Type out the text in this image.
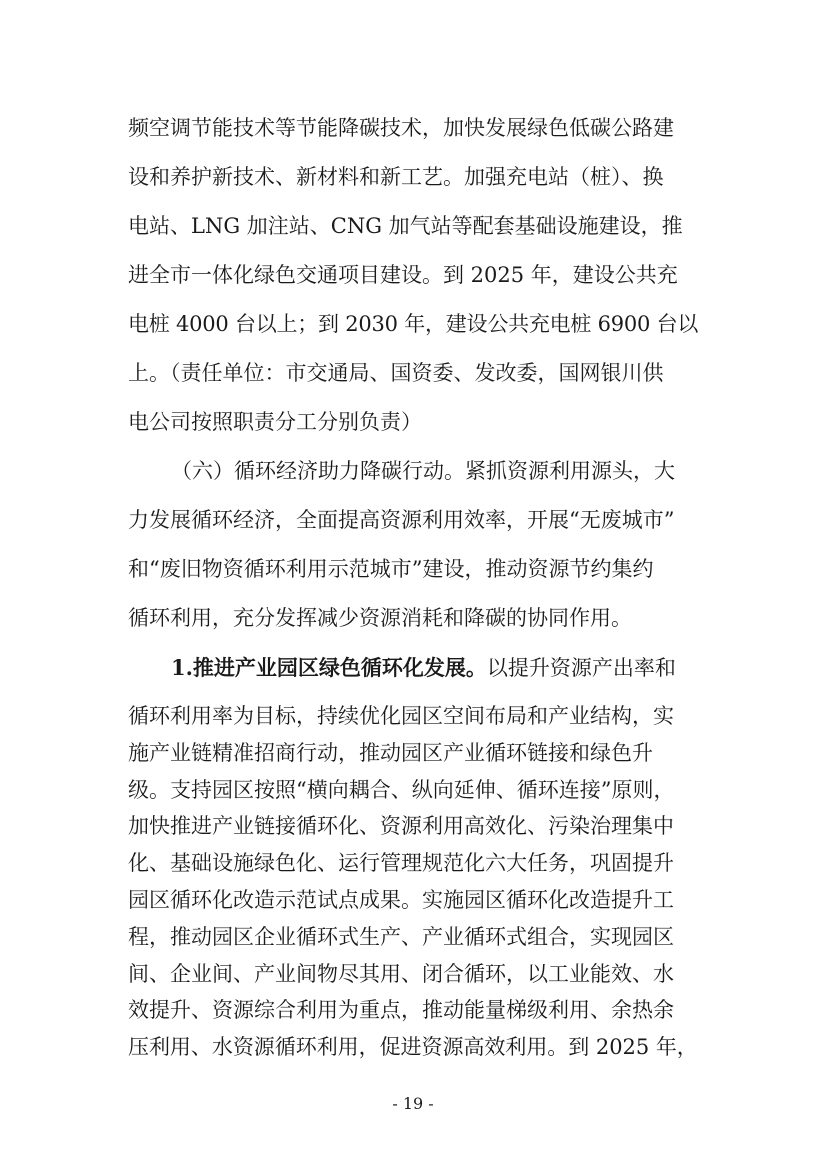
频空调节能技术等节能降碳技术，加快发展绿色低碳公路建
设和养护新技术、新材料和新工艺。加强充电站（桩）、换
电站、LNG 加注站、CNG 加气站等配套基础设施建设，推
进全市一体化绿色交通项目建设。到 2025 年，建设公共充
电桩 4000 台以上；到 2030 年，建设公共充电桩 6900 台以
上。（责任单位：市交通局、国资委、发改委，国网银川供
电公司按照职责分工分别负责）
（六）循环经济助力降碳行动。紧抓资源利用源头，大
力发展循环经济，全面提高资源利用效率，开展“无废城市”
和“废旧物资循环利用示范城市”建设，推动资源节约集约
循环利用，充分发挥减少资源消耗和降碳的协同作用。
1.推进产业园区绿色循环化发展。以提升资源产出率和
循环利用率为目标，持续优化园区空间布局和产业结构，实
施产业链精准招商行动，推动园区产业循环链接和绿色升
级。支持园区按照“横向耦合、纵向延伸、循环连接”原则，
加快推进产业链接循环化、资源利用高效化、污染治理集中
化、基础设施绿色化、运行管理规范化六大任务，巩固提升
园区循环化改造示范试点成果。实施园区循环化改造提升工
程，推动园区企业循环式生产、产业循环式组合，实现园区
间、企业间、产业间物尽其用、闭合循环，以工业能效、水
效提升、资源综合利用为重点，推动能量梯级利用、余热余
压利用、水资源循环利用，促进资源高效利用。到 2025 年，
- 19 -
